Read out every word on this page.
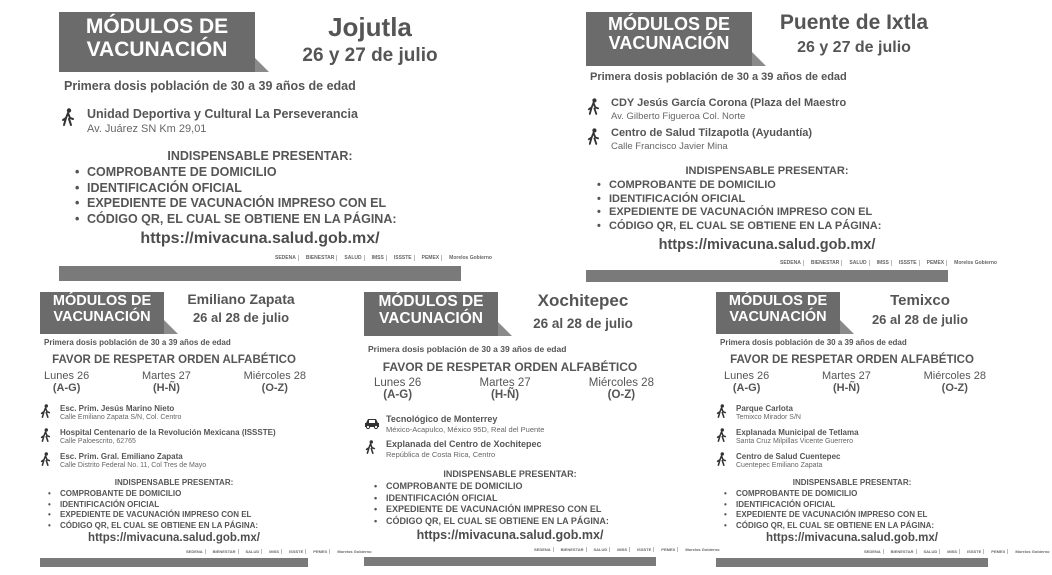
MÓDULOS DE VACUNACIÓN
Jojutla
26 y 27 de julio
Primera dosis población de 30 a 39 años de edad
Unidad Deportiva y Cultural La Perseverancia
Av. Juárez SN Km 29,01
INDISPENSABLE PRESENTAR:
• COMPROBANTE DE DOMICILIO
• IDENTIFICACIÓN OFICIAL
• EXPEDIENTE DE VACUNACIÓN IMPRESO CON EL
• CÓDIGO QR, EL CUAL SE OBTIENE EN LA PÁGINA:
https://mivacuna.salud.gob.mx/
SEDENA	BIENESTAR	SALUD	IMSS	ISSSTE	PEMEX	Morelos Gobierno
MÓDULOS DE VACUNACIÓN
Puente de Ixtla
26 y 27 de julio
Primera dosis población de 30 a 39 años de edad
CDY Jesús García Corona (Plaza del Maestro
Av. Gilberto Figueroa Col. Norte
Centro de Salud Tilzapotla (Ayudantía)
Calle Francisco Javier Mina
INDISPENSABLE PRESENTAR:
• COMPROBANTE DE DOMICILIO
• IDENTIFICACIÓN OFICIAL
• EXPEDIENTE DE VACUNACIÓN IMPRESO CON EL
• CÓDIGO QR, EL CUAL SE OBTIENE EN LA PÁGINA:
https://mivacuna.salud.gob.mx/
SEDENA	BIENESTAR	SALUD	IMSS	ISSSTE	PEMEX	Morelos Gobierno
MÓDULOS DE VACUNACIÓN
Emiliano Zapata
26 al 28 de julio
Primera dosis población de 30 a 39 años de edad
FAVOR DE RESPETAR ORDEN ALFABÉTICO
Lunes 26
(A-G)
Martes 27
(H-Ñ)
Miércoles 28
(O-Z)
Esc. Prim. Jesús Marino Nieto
Calle Emiliano Zapata S/N, Col. Centro
Hospital Centenario de la Revolución Mexicana (ISSSTE)
Calle Paloescrito, 62765
Esc. Prim. Gral. Emiliano Zapata
Calle Distrito Federal No. 11, Col Tres de Mayo
INDISPENSABLE PRESENTAR:
• COMPROBANTE DE DOMICILIO
• IDENTIFICACIÓN OFICIAL
• EXPEDIENTE DE VACUNACIÓN IMPRESO CON EL
• CÓDIGO QR, EL CUAL SE OBTIENE EN LA PÁGINA:
https://mivacuna.salud.gob.mx/
SEDENA	BIENESTAR	SALUD	IMSS	ISSSTE	PEMEX	Morelos Gobierno
MÓDULOS DE VACUNACIÓN
Xochitepec
26 al 28 de julio
Primera dosis población de 30 a 39 años de edad
FAVOR DE RESPETAR ORDEN ALFABÉTICO
Lunes 26
(A-G)
Martes 27
(H-Ñ)
Miércoles 28
(O-Z)
Tecnológico de Monterrey
México-Acapulco, México 95D, Real del Puente
Explanada del Centro de Xochitepec
República de Costa Rica, Centro
INDISPENSABLE PRESENTAR:
• COMPROBANTE DE DOMICILIO
• IDENTIFICACIÓN OFICIAL
• EXPEDIENTE DE VACUNACIÓN IMPRESO CON EL
• CÓDIGO QR, EL CUAL SE OBTIENE EN LA PÁGINA:
https://mivacuna.salud.gob.mx/
SEDENA	BIENESTAR	SALUD	IMSS	ISSSTE	PEMEX	Morelos Gobierno
MÓDULOS DE VACUNACIÓN
Temixco
26 al 28 de julio
Primera dosis población de 30 a 39 años de edad
FAVOR DE RESPETAR ORDEN ALFABÉTICO
Lunes 26
(A-G)
Martes 27
(H-Ñ)
Miércoles 28
(O-Z)
Parque Carlota
Temixco Mirador S/N
Explanada Municipal de Tetlama
Santa Cruz Milpillas Vicente Guerrero
Centro de Salud Cuentepec
Cuentepec Emiliano Zapata
INDISPENSABLE PRESENTAR:
• COMPROBANTE DE DOMICILIO
• IDENTIFICACIÓN OFICIAL
• EXPEDIENTE DE VACUNACIÓN IMPRESO CON EL
• CÓDIGO QR, EL CUAL SE OBTIENE EN LA PÁGINA:
https://mivacuna.salud.gob.mx/
SEDENA	BIENESTAR	SALUD	IMSS	ISSSTE	PEMEX	Morelos Gobierno
